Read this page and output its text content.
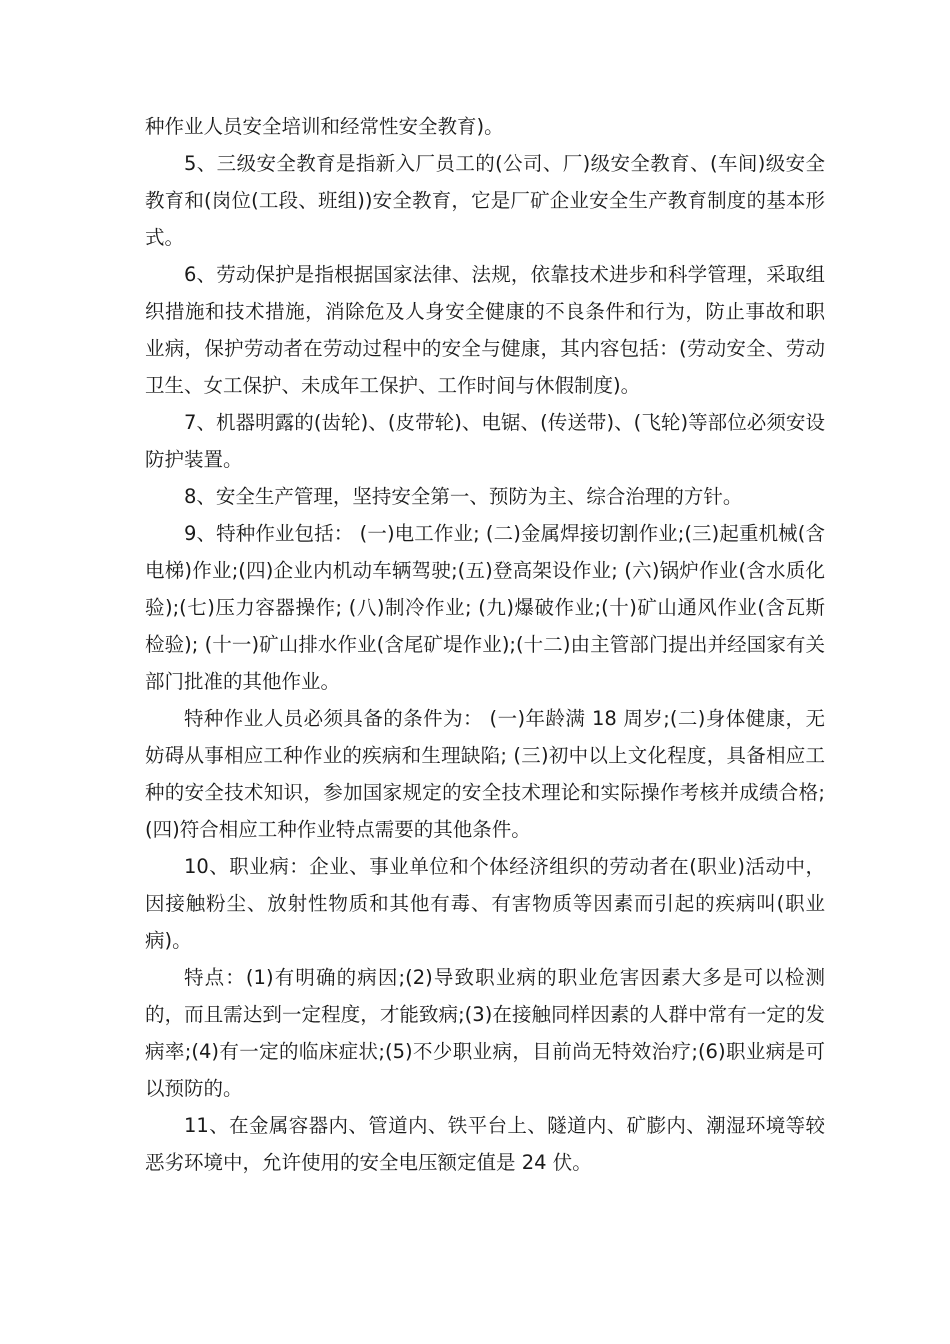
种作业人员安全培训和经常性安全教育)。

5、三级安全教育是指新入厂员工的(公司、厂)级安全教育、(车间)级安全教育和(岗位(工段、班组))安全教育，它是厂矿企业安全生产教育制度的基本形式。

6、劳动保护是指根据国家法律、法规，依靠技术进步和科学管理，采取组织措施和技术措施，消除危及人身安全健康的不良条件和行为，防止事故和职业病，保护劳动者在劳动过程中的安全与健康，其内容包括：(劳动安全、劳动卫生、女工保护、未成年工保护、工作时间与休假制度)。

7、机器明露的(齿轮)、(皮带轮)、电锯、(传送带)、(飞轮)等部位必须安设防护装置。

8、安全生产管理，坚持安全第一、预防为主、综合治理的方针。

9、特种作业包括： (一)电工作业; (二)金属焊接切割作业;(三)起重机械(含电梯)作业;(四)企业内机动车辆驾驶;(五)登高架设作业; (六)锅炉作业(含水质化验);(七)压力容器操作; (八)制冷作业; (九)爆破作业;(十)矿山通风作业(含瓦斯检验); (十一)矿山排水作业(含尾矿堤作业);(十二)由主管部门提出并经国家有关部门批准的其他作业。

特种作业人员必须具备的条件为： (一)年龄满 18 周岁;(二)身体健康，无妨碍从事相应工种作业的疾病和生理缺陷; (三)初中以上文化程度，具备相应工种的安全技术知识，参加国家规定的安全技术理论和实际操作考核并成绩合格; (四)符合相应工种作业特点需要的其他条件。

10、职业病：企业、事业单位和个体经济组织的劳动者在(职业)活动中，因接触粉尘、放射性物质和其他有毒、有害物质等因素而引起的疾病叫(职业病)。

特点：(1)有明确的病因;(2)导致职业病的职业危害因素大多是可以检测的，而且需达到一定程度，才能致病;(3)在接触同样因素的人群中常有一定的发病率;(4)有一定的临床症状;(5)不少职业病，目前尚无特效治疗;(6)职业病是可以预防的。

11、在金属容器内、管道内、铁平台上、隧道内、矿膨内、潮湿环境等较恶劣环境中，允许使用的安全电压额定值是 24 伏。
